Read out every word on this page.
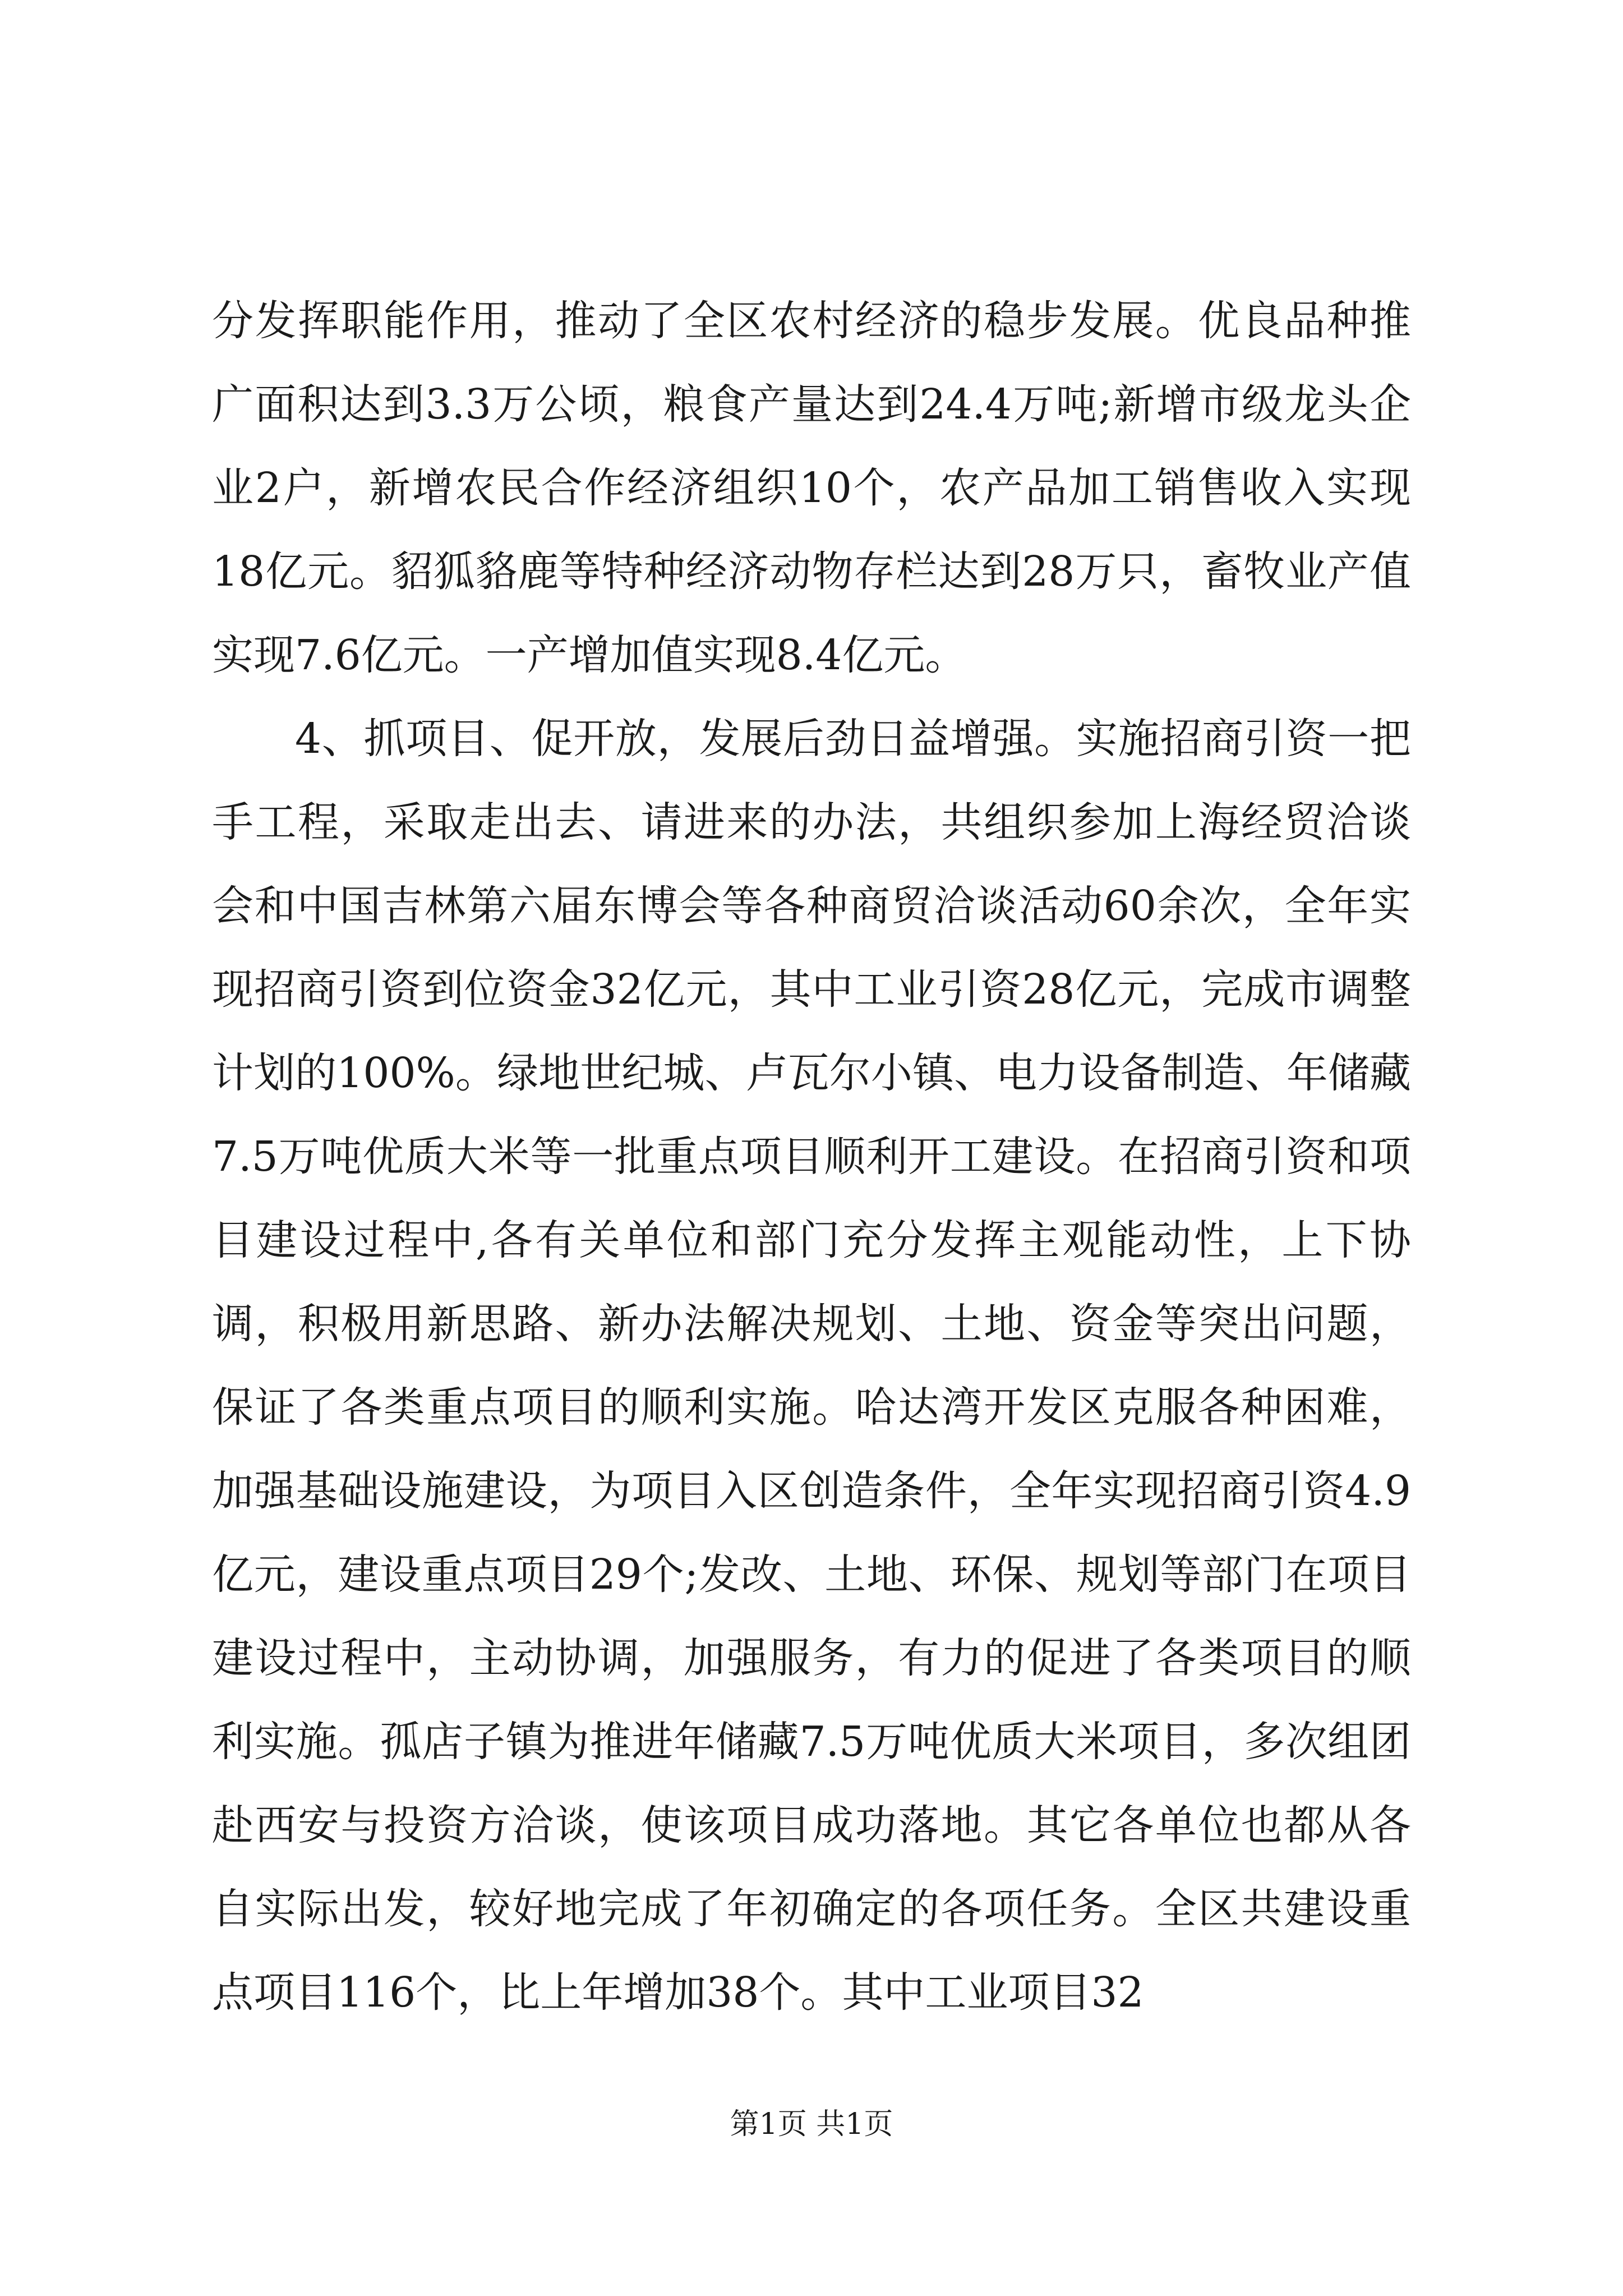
分发挥职能作用，推动了全区农村经济的稳步发展。优良品种推广面积达到3.3万公顷，粮食产量达到24.4万吨;新增市级龙头企业2户，新增农民合作经济组织10个，农产品加工销售收入实现18亿元。貂狐貉鹿等特种经济动物存栏达到28万只，畜牧业产值实现7.6亿元。一产增加值实现8.4亿元。

4、抓项目、促开放，发展后劲日益增强。实施招商引资一把手工程，采取走出去、请进来的办法，共组织参加上海经贸洽谈会和中国吉林第六届东博会等各种商贸洽谈活动60余次，全年实现招商引资到位资金32亿元，其中工业引资28亿元，完成市调整计划的100%。绿地世纪城、卢瓦尔小镇、电力设备制造、年储藏7.5万吨优质大米等一批重点项目顺利开工建设。在招商引资和项目建设过程中,各有关单位和部门充分发挥主观能动性，上下协调，积极用新思路、新办法解决规划、土地、资金等突出问题，保证了各类重点项目的顺利实施。哈达湾开发区克服各种困难，加强基础设施建设，为项目入区创造条件，全年实现招商引资4.9亿元，建设重点项目29个;发改、土地、环保、规划等部门在项目建设过程中，主动协调，加强服务，有力的促进了各类项目的顺利实施。孤店子镇为推进年储藏7.5万吨优质大米项目，多次组团赴西安与投资方洽谈，使该项目成功落地。其它各单位也都从各自实际出发，较好地完成了年初确定的各项任务。全区共建设重点项目116个，比上年增加38个。其中工业项目32

第1页 共1页
